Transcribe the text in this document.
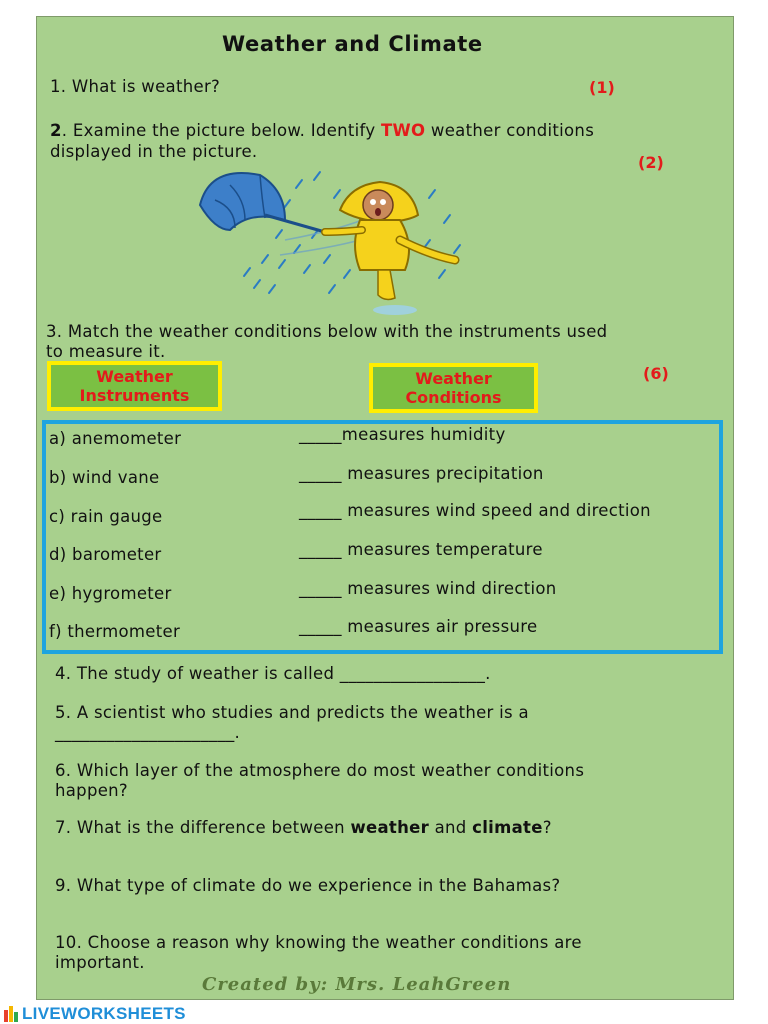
Weather and Climate
1. What is weather?	(1)
2. Examine the picture below. Identify TWO weather conditions
displayed in the picture.
(2)
3. Match the weather conditions below with the instruments used
to measure it.
(6)
Weather
Instruments
Weather
Conditions
a) anemometer
b) wind vane
c) rain gauge
d) barometer
e) hygrometer
f) thermometer
_____measures humidity
_____ measures precipitation
_____ measures wind speed and direction
_____ measures temperature
_____ measures wind direction
_____ measures air pressure
4. The study of weather is called _________________.
5. A scientist who studies and predicts the weather is a
_____________________.
6. Which layer of the atmosphere do most weather conditions
happen?
7. What is the difference between weather and climate?
9. What type of climate do we experience in the Bahamas?
10. Choose a reason why knowing the weather conditions are
important.
Created by: Mrs. LeahGreen
LIVEWORKSHEETS
